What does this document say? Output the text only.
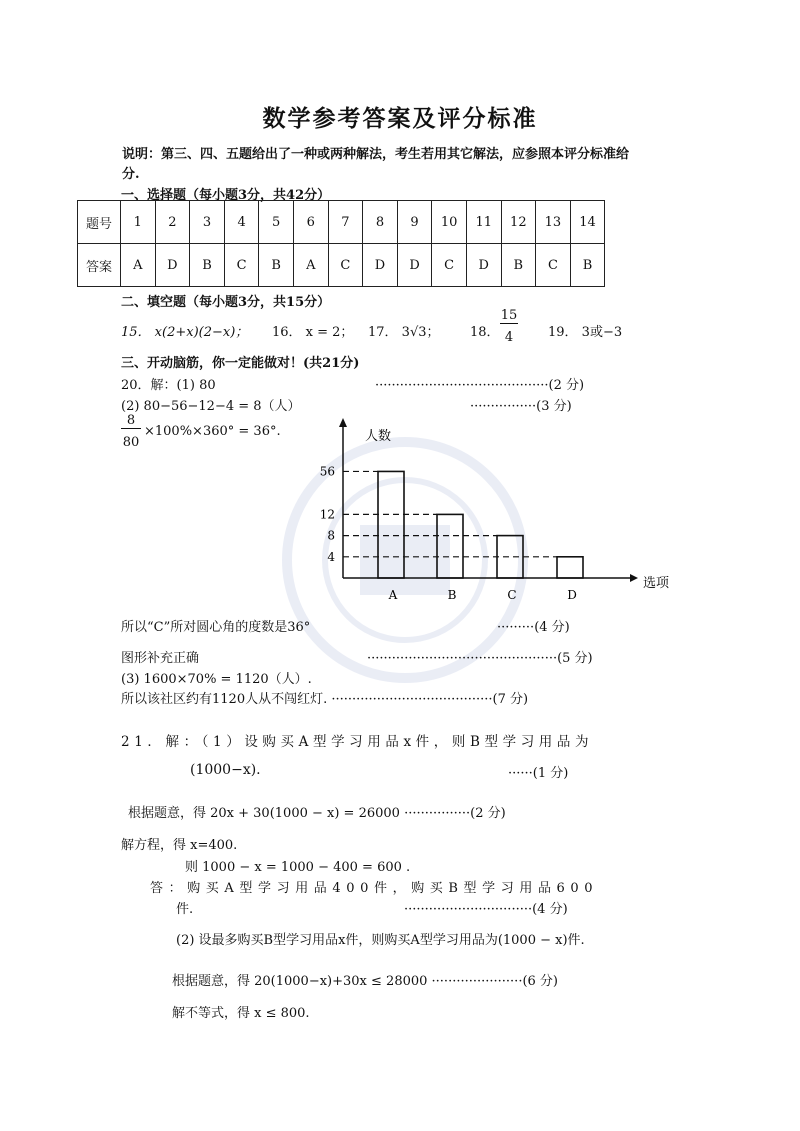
数学参考答案及评分标准
说明：第三、四、五题给出了一种或两种解法，考生若用其它解法，应参照本评分标准给
分.
一、选择题（每小题3分，共42分）
题号	1	2	3	4	5	6	7	8	9	10	11	12	13	14
答案	A	D	B	C	B	A	C	D	D	C	D	B	C	B
二、填空题（每小题3分，共15分）
15． x(2+x)(2−x)； 16． x = 2； 17． 3√3； 18．
15
4	19． 3或−3
三、开动脑筋，你一定能做对！(共21分)
20．解：(1) 80	··········································(2 分)
(2) 80−56−12−4 = 8（人）	················(3 分)
8
80
×100%×360° = 36°.	人数
选项
56
A
12
B
8
C
4
D
所以“C”所对圆心角的度数是36°	·········(4 分)
图形补充正确	··············································(5 分)
(3) 1600×70% = 1120（人）.
所以该社区约有1120人从不闯红灯. ·······································(7 分)
21．解：（1）设购买A型学习用品x件，则B型学习用品为
(1000−x).	······(1 分)
根据题意，得 20x + 30(1000 − x) = 26000 ················(2 分)
解方程，得 x=400.
则 1000 − x = 1000 − 400 = 600 .
答：购买A型学习用品400件，购买B型学习用品600
件.	·······························(4 分)
(2) 设最多购买B型学习用品x件，则购买A型学习用品为(1000 − x)件.
根据题意，得 20(1000−x)+30x ≤ 28000 ······················(6 分)
解不等式，得 x ≤ 800.
